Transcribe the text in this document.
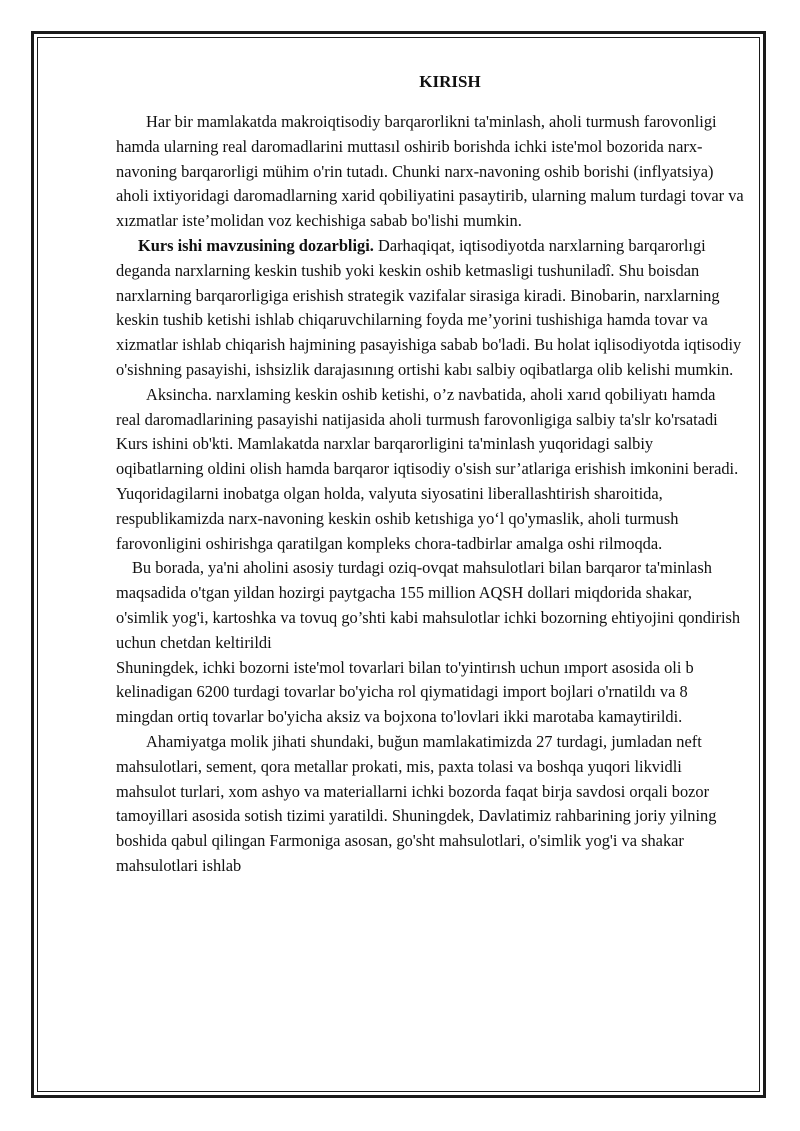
KIRISH

Har bir mamlakatda makroiqtisodiy barqarorlikni ta'minlash, aholi turmush farovonligi hamda ularning real daromadlarini muttasıl oshirib borishda ichki iste'mol bozorida narx-navoning barqarorligi mühim o'rin tutadı. Chunki narx-navoning oshib borishi (inflyatsiya) aholi ixtiyoridagi daromadlarning xarid qobiliyatini pasaytirib, ularning malum turdagi tovar va xızmatlar iste’molidan voz kechishiga sabab bo'lishi mumkin.

Kurs ishi mavzusining dozarbligi. Darhaqiqat, iqtisodiyotda narxlarning barqarorlıgi deganda narxlarning keskin tushib yoki keskin oshib ketmasligi tushuniladî. Shu boisdan narxlarning barqarorligiga erishish strategik vazifalar sirasiga kiradi. Binobarin, narxlarning keskin tushib ketishi ishlab chiqaruvchilarning foyda me’yorini tushishiga hamda tovar va xizmatlar ishlab chiqarish hajmining pasayishiga sabab bo'ladi. Bu holat iqlisodiyotda iqtisodiy o'sishning pasayishi, ishsizlik darajasınıng ortishi kabı salbiy oqibatlarga olib kelishi mumkin.

Aksincha. narxlaming keskin oshib ketishi, o’z navbatida, aholi xarıd qobiliyatı hamda real daromadlarining pasayishi natijasida aholi turmush farovonligiga salbiy ta'slr ko'rsatadi Kurs ishini ob'kti. Mamlakatda narxlar barqarorligini ta'minlash yuqoridagi salbiy oqibatlarning oldini olish hamda barqaror iqtisodiy o'sish sur’atlariga erishish imkonini beradi. Yuqoridagilarni inobatga olgan holda, valyuta siyosatini liberallashtirish sharoitida, respublikamizda narx-navoning keskin oshib ketıshiga yo‘l qo'ymaslik, aholi turmush farovonligini oshirishga qaratilgan kompleks chora-tadbirlar amalga oshi rilmoqda.

Bu borada, ya'ni aholini asosiy turdagi oziq-ovqat mahsulotlari bilan barqaror ta'minlash maqsadida o'tgan yildan hozirgi paytgacha 155 million AQSH dollari miqdorida shakar, o'simlik yog'i, kartoshka va tovuq go’shti kabi mahsulotlar ichki bozorning ehtiyojini qondirish uchun chetdan keltirildi

Shuningdek, ichki bozorni iste'mol tovarlari bilan to'yintirısh uchun ımport asosida oli b kelinadigan 6200 turdagi tovarlar bo'yicha rol qiymatidagi import bojlari o'rnatildı va 8 mingdan ortiq tovarlar bo'yicha aksiz va bojxona to'lovlari ikki marotaba kamaytirildi.

Ahamiyatga molik jihati shundaki, buğun mamlakatimizda 27 turdagi, jumladan neft mahsulotlari, sement, qora metallar prokati, mis, paxta tolasi va boshqa yuqori likvidli mahsulot turlari, xom ashyo va materiallarni ichki bozorda faqat birja savdosi orqali bozor tamoyillari asosida sotish tizimi yaratildi. Shuningdek, Davlatimiz rahbarining joriy yilning boshida qabul qilingan Farmoniga asosan, go'sht mahsulotlari, o'simlik yog'i va shakar mahsulotlari ishlab
